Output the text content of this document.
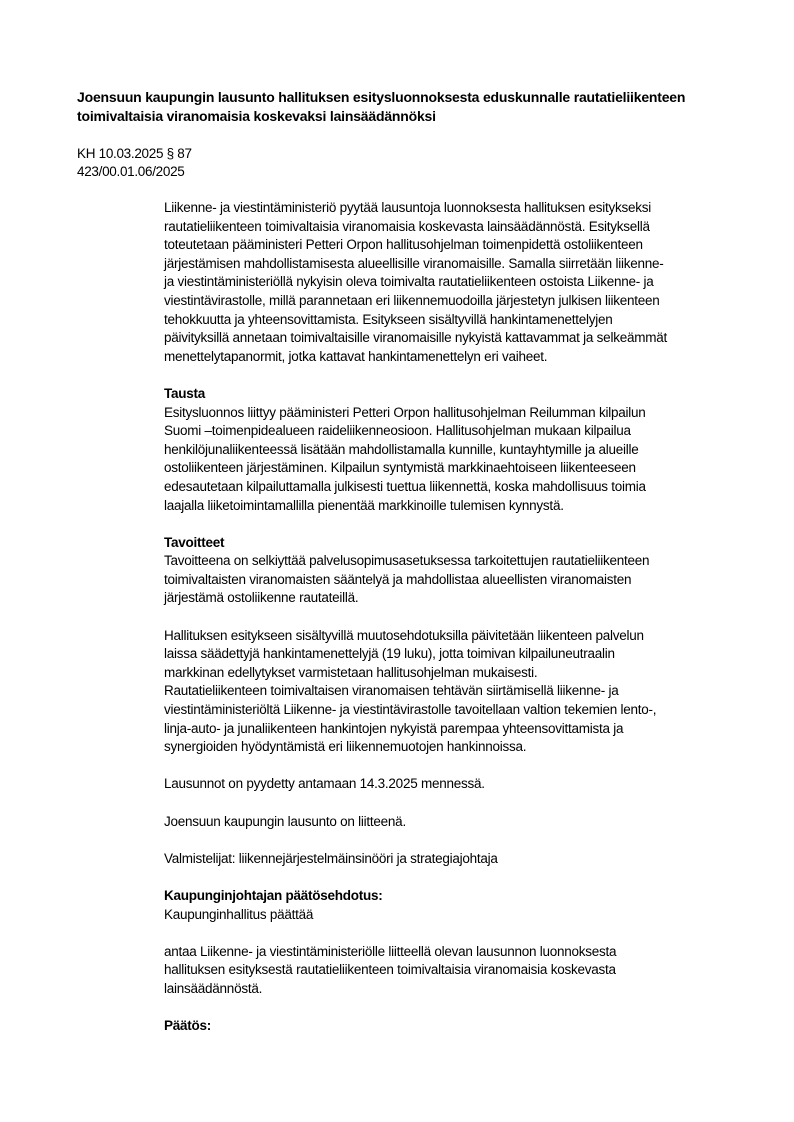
Joensuun kaupungin lausunto hallituksen esitysluonnoksesta eduskunnalle rautatieliikenteen
toimivaltaisia viranomaisia koskevaksi lainsäädännöksi
KH 10.03.2025 § 87
423/00.01.06/2025
Liikenne- ja viestintäministeriö pyytää lausuntoja luonnoksesta hallituksen esitykseksi
rautatieliikenteen toimivaltaisia viranomaisia koskevasta lainsäädännöstä. Esityksellä
toteutetaan pääministeri Petteri Orpon hallitusohjelman toimenpidettä ostoliikenteen
järjestämisen mahdollistamisesta alueellisille viranomaisille. Samalla siirretään liikenne-
ja viestintäministeriöllä nykyisin oleva toimivalta rautatieliikenteen ostoista Liikenne- ja
viestintävirastolle, millä parannetaan eri liikennemuodoilla järjestetyn julkisen liikenteen
tehokkuutta ja yhteensovittamista. Esitykseen sisältyvillä hankintamenettelyjen
päivityksillä annetaan toimivaltaisille viranomaisille nykyistä kattavammat ja selkeämmät
menettelytapanormit, jotka kattavat hankintamenettelyn eri vaiheet.
Tausta
Esitysluonnos liittyy pääministeri Petteri Orpon hallitusohjelman Reilumman kilpailun
Suomi –toimenpidealueen raideliikenneosioon. Hallitusohjelman mukaan kilpailua
henkilöjunaliikenteessä lisätään mahdollistamalla kunnille, kuntayhtymille ja alueille
ostoliikenteen järjestäminen. Kilpailun syntymistä markkinaehtoiseen liikenteeseen
edesautetaan kilpailuttamalla julkisesti tuettua liikennettä, koska mahdollisuus toimia
laajalla liiketoimintamallilla pienentää markkinoille tulemisen kynnystä.
Tavoitteet
Tavoitteena on selkiyttää palvelusopimusasetuksessa tarkoitettujen rautatieliikenteen
toimivaltaisten viranomaisten sääntelyä ja mahdollistaa alueellisten viranomaisten
järjestämä ostoliikenne rautateillä.
Hallituksen esitykseen sisältyvillä muutosehdotuksilla päivitetään liikenteen palvelun
laissa säädettyjä hankintamenettelyjä (19 luku), jotta toimivan kilpailuneutraalin
markkinan edellytykset varmistetaan hallitusohjelman mukaisesti.
Rautatieliikenteen toimivaltaisen viranomaisen tehtävän siirtämisellä liikenne- ja
viestintäministeriöltä Liikenne- ja viestintävirastolle tavoitellaan valtion tekemien lento-,
linja-auto- ja junaliikenteen hankintojen nykyistä parempaa yhteensovittamista ja
synergioiden hyödyntämistä eri liikennemuotojen hankinnoissa.
Lausunnot on pyydetty antamaan 14.3.2025 mennessä.
Joensuun kaupungin lausunto on liitteenä.
Valmistelijat: liikennejärjestelmäinsinööri ja strategiajohtaja
Kaupunginjohtajan päätösehdotus:
Kaupunginhallitus päättää
antaa Liikenne- ja viestintäministeriölle liitteellä olevan lausunnon luonnoksesta
hallituksen esityksestä rautatieliikenteen toimivaltaisia viranomaisia koskevasta
lainsäädännöstä.
Päätös:
